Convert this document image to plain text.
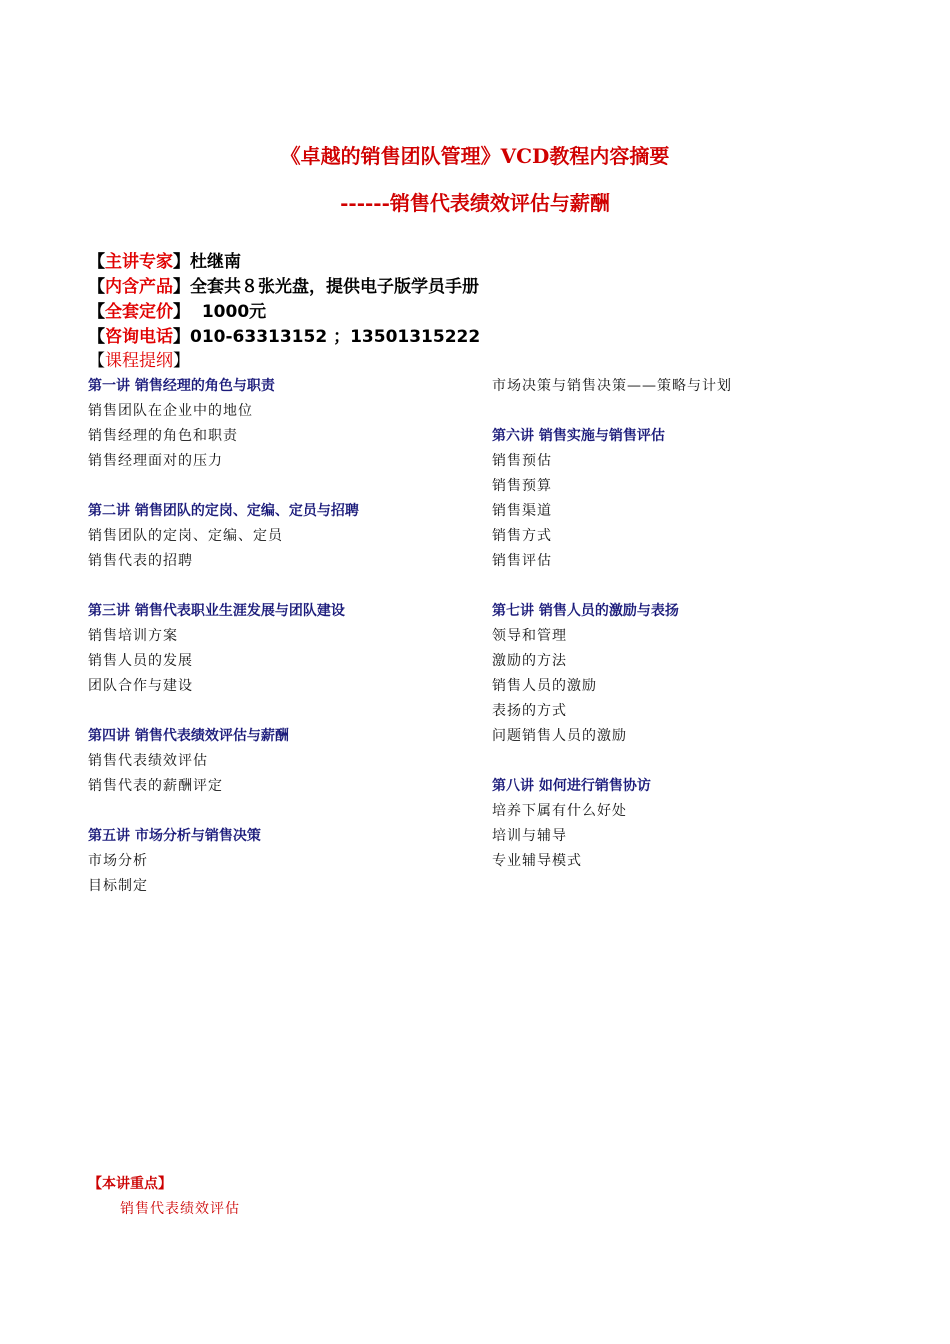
《卓越的销售团队管理》VCD教程内容摘要
------销售代表绩效评估与薪酬
【主讲专家】杜继南
【内含产品】全套共８张光盘，提供电子版学员手册
【全套定价】  1000元
【咨询电话】010-63313152 ；13501315222
【课程提纲】
第一讲 销售经理的角色与职责
销售团队在企业中的地位
销售经理的角色和职责
销售经理面对的压力
第二讲 销售团队的定岗、定编、定员与招聘
销售团队的定岗、定编、定员
销售代表的招聘
第三讲 销售代表职业生涯发展与团队建设
销售培训方案
销售人员的发展
团队合作与建设
第四讲 销售代表绩效评估与薪酬
销售代表绩效评估
销售代表的薪酬评定
第五讲 市场分析与销售决策
市场分析
目标制定
市场决策与销售决策——策略与计划
第六讲 销售实施与销售评估
销售预估
销售预算
销售渠道
销售方式
销售评估
第七讲 销售人员的激励与表扬
领导和管理
激励的方法
销售人员的激励
表扬的方式
问题销售人员的激励
第八讲 如何进行销售协访
培养下属有什么好处
培训与辅导
专业辅导模式
【本讲重点】
销售代表绩效评估
